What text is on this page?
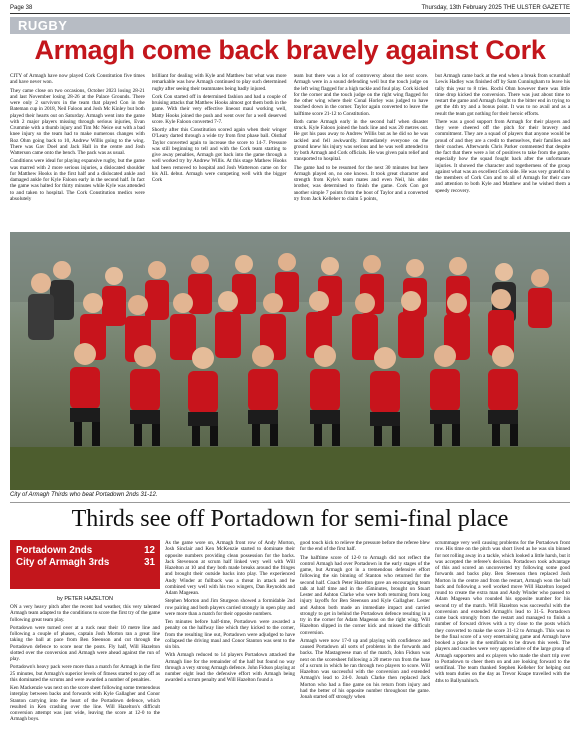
Page 38	Thursday, 13th February 2025 THE ULSTER GAZETTE
RUGBY
Armagh come back bravely against Cork

CITY of Armagh have now played Cork Constitution five times and have never won.

They came close on two occasions, October 2023 losing 28-21 and last November losing 28-26 at the Palace Grounds. There were only 2 survivors in the team that played Con in the Bateman cup in 2018, Neil Faloon and Josh Mc Kinley but both played their hearts out on Saturday. Armagh went into the game with 2 major players missing through serious injuries, Evan Crummie with a thumb injury and Tim Mc Neice out with a bad knee injury so the team had to make numerous changes with Roz Ohm going back to 10, Andrew Willis going to the wing. There was Gav Doel and Jack Hall in the centre and Josh Watterson came onto the bench. The pack was as usual.

Conditions were ideal for playing expansive rugby, but the game was marred with 2 more serious injuries, a dislocated shoulder for Matthew Hooks in the first half and a dislocated ankle and damaged ankle for Kyle Faloon early in the second half. In fact the game was halted for thirty minutes while Kyle was attended to and taken to hospital. The Cork Constitution medics were absolutely

brilliant for dealing with Kyle and Matthew but what was more remarkable was how Armagh continued to play such determined rugby after seeing their teammates being badly injured.

Cork Con started off in determined fashion and had a couple of bruising attacks that Matthew Hooks almost got them both in the game. With their very effective lineout maul working well, Matty Hooks joined the push and went over for a well deserved score. Kyle Faloon converted 7-7.

Shortly after this Constitution scored again when their winger O'Leary darted through a wide try from first phase ball. Oisthaf Taylor converted again to increase the score to 14-7. Pressure was still beginning to tell and with the Cork team starting to give away penalties, Armagh got back into the game through a well worked try by Andrew Willis. At this stage Mathew Hooks had been removed to hospital and Josh Watterson came on for his AIL debut. Armagh were competing well with the bigger Cork

team but there was a lot of controversy about the next score. Armagh were in a sound defending well but the touch judge on the left wing flagged for a high tackle and foul play. Cork kicked for the corner and the touch judge on the right wing flagged for the other wing where their Conal Horley was judged to have touched down in the corner. Taylor again converted to leave the halftime score 21-12 to Constitution.

Both came Armagh early in the second half when disaster struck. Kyle Faloon joined the back line and was 20 metres out. He got his pass away to Andrew Willis but as he did so he was tackled and fell awkwardly. Immediately everyone on the ground knew his injury was serious and he was well attended to by both Armagh and Cork officials. He was given pain relief and transported to hospital.

The game had to be resumed for the next 30 minutes but here Armagh played on, no one knows. It took great character and strength from Kyle's team mates and even Neil, his older brother, was determined to finish the game. Cork Con got another simple 7 points from the boot of Taylor and a converted try from Jack Kelleher to claim 5 points,

but Armagh came back at the end when a break from scrumhalf Lewis Hadley was finished off by Sam Cunningham to leave his tally this year to 8 tries. Rochi Ohm however there was little time drop kicked the conversion. There was just about time to restart the game and Armagh fought to the bitter end in trying to get the 4th try and a bonus point. It was to no avail and as a result the team got nothing for their heroic efforts.

There was a good support from Armagh for their players and they were cheered off the pitch for their bravery and commitment. They are a squad of players that anyone would be proud of and they are a credit to themselves, their families and their coaches. Afterwards Chris Parker commented that despite the fact that there were a lot of positives to take from the game, especially how the squad fought back after the unfortunate injuries. It showed the character and togetherness of the group against what was an excellent Cork side. He was very grateful to the members of Cork Con and to all of Armagh for their care and attention to both Kyle and Matthew and he wished them a speedy recovery.

City of Armagh Thirds who beat Portadown 2nds 31-12.
Thirds see off Portadown for semi-final place
Portadown 2nds	12
City of Armagh 3rds	31
by PETER HAZELTON

ON a very heavy pitch after the recent bad weather, this very talented Armagh team adapted to the conditions to score the first try of the game following great team play.

Portadown were turned over at a ruck near their 10 metre line and following a couple of phases, captain Josh Morton ran a great line taking the ball at pace from Ben Steenson and cut through the Portadown defence to score near the posts. Fly half, Will Hazelton slotted over the conversion and Armagh were ahead against the run of play.

Portadown's heavy pack were more than a match for Armagh in the first 25 minutes, but Armagh's superior levels of fitness started to pay off as this dominated the scrums and were awarded a number of penalties.

Ken Mackenzie was next on the score sheet following some tremendous interplay between backs and forwards with Kyle Gallagher and Conor Stanton carrying into the heart of the Portadown defence, which resulted in Ken crashing over the line. Will Hazelton's difficult conversion attempt was just wide, leaving the score at 12-0 to the Armagh boys.

As the game wore on, Armagh front row of Andy Morton, Josh Sinclair and Ken McKenzie started to dominate their opposite numbers providing clean possession for the backs. Jack Stevenson at scrum half linked very well with Will Hazelton at 10 and they both made breaks around the fringes and brought their outside backs into play. The experienced Andy Winder at fullback was a threat in attack and he combined very well with his two wingers, Dan Reynolds and Adam Mageean.

Stephen Morton and Jim Sturgeon showed a formidable 2nd row pairing and both players carried strongly in open play and were more than a match for their opposite numbers.

Ten minutes before half-time, Portadown were awarded a penalty on the halfway line which they kicked to the corner, from the resulting line out, Portadown were adjudged to have collapsed the driving maul and Conor Stanton was sent to the sin bin.

With Armagh reduced to 14 players Portadown attacked the Armagh line for the remainder of the half but found no way through a very strong Armagh defence. John Fidson playing at number eight lead the defensive effort with Armagh being awarded a scrum penalty and Will Hazelton found a

good touch kick to relieve the pressure before the referee blew for the end of the first half.

The halftime score of 12-0 to Armagh did not reflect the control Armagh had over Portadown in the early stages of the game, but Armagh got in a tremendous defensive effort following the sin binning of Stanton who returned for the second half. Coach Peter Hazelton gave an encouraging team talk at half time and in the 45minutes, brought on Stuart Lester and Ashton Clarke who were both returning from long injury layoffs for Ben Steenson and Kyle Gallagher. Lester and Ashton both made an immediate impact and carried strongly to get in behind the Portadown defence resulting in a try in the corner for Adam Mageean on the right wing. Will Hazelton slipped in the corner kick and missed the difficult conversion.

Armagh were now 17-0 up and playing with confidence and caused Portadown all sorts of problems in the forwards and backs. The Mastagreese man of the match, John Fidson was next on the scoresheet following a 20 metre run from the base of a scrum in which he ran through two players to score. Will Hazelton was successful with the conversion and extended Armagh's lead to 24-0. Jonah Clarke then replaced Jack Morton who had a fine game on his return from injury and had the better of his opposite number throughout the game. Jonah started off strongly when

scrummage very well causing problems for the Portadown front row. His time on the pitch was short lived as he was sin binned for not rolling away in a tackle, which looked a little harsh, but it was accepted the referee's decision. Portadown took advantage of this and scored an unconverted try following some good forwards and backs play. Ben Steenson then replaced Josh Morton in the centre and from the restart, Armagh won the ball back and following a well worked move Will Hazelton looped round to create the extra man and Andy Winder who passed to Adam Mageean who rounded his opposite number for his second try of the match. Will Hazelton was successful with the conversion and extended Armagh's lead to 31-5. Portadown came back strongly from the restart and managed to finish a number of forward drives with a try close to the posts which they converted to make the score 31-12 to Armagh. This was to be the final score of a very entertaining game and Armagh have booked a place in the semifinals to be drawn this week. The players and coaches were very appreciative of the large group of Armagh supporters and ex players who made the short trip over to Portadown to cheer them on and are looking forward to the semifinal. The team thanked Stephen Kelleher for helping out with team duties on the day as Trevor Knape travelled with the 4ths to Ballynahinch.
